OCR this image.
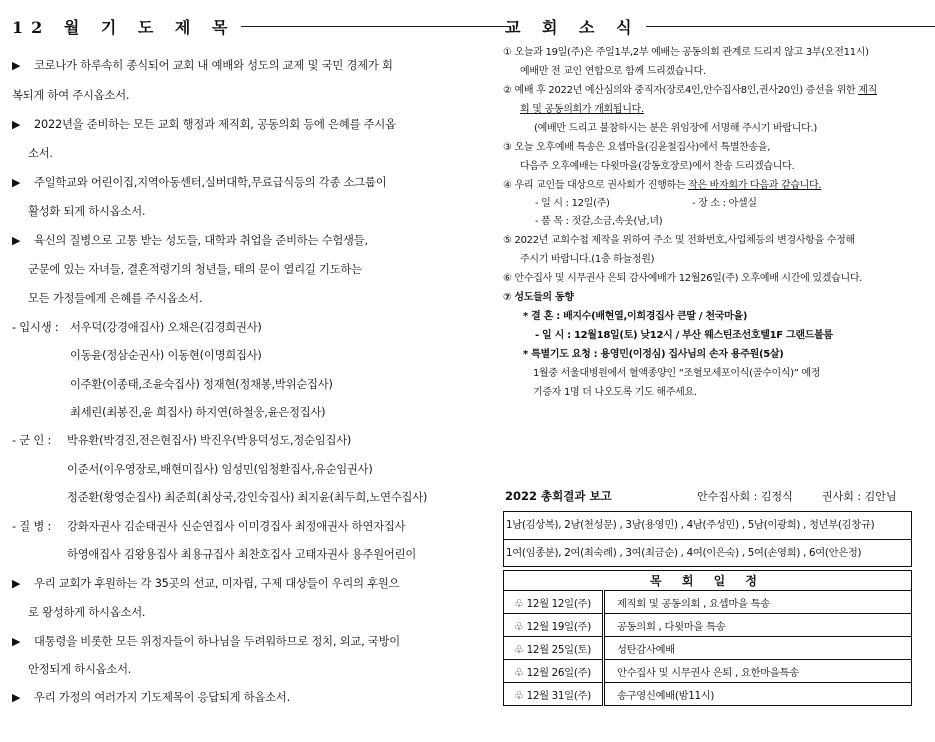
12 월 기 도 제 목
▶ 코로나가 하루속히 종식되어 교회 내 예배와 성도의 교제 및 국민 경제가 회
복되게 하여 주시옵소서.
▶ 2022년을 준비하는 모든 교회 행정과 제직회, 공동의회 등에 은혜를 주시옵
소서.
▶ 주일학교와 어린이집,지역아동센터,실버대학,무료급식등의 각종 소그룹이
활성화 되게 하시옵소서.
▶ 육신의 질병으로 고통 받는 성도들, 대학과 취업을 준비하는 수험생들,
군문에 있는 자녀들, 결혼적령기의 청년들, 태의 문이 열리길 기도하는
모든 가정들에게 은혜를 주시옵소서.
- 입시생 : 서우덕(강경애집사) 오채은(김경희권사)
이동윤(정삼순권사) 이동현(이명희집사)
이주환(이종태,조윤숙집사) 정재현(정채봉,박위순집사)
최세린(최봉진,윤 희집사) 하지연(하철웅,윤은정집사)
- 군 인 : 박유환(박경진,전은현집사) 박진우(박용덕성도,정순임집사)
이준서(이우영장로,배현미집사) 임성민(임청환집사,유순임권사)
정준환(황영순집사) 최준희(최상국,강인숙집사) 최지윤(최두희,노연수집사)
- 질 병 : 강화자권사 김순태권사 신순연집사 이미경집사 최정애권사 하연자집사
하영애집사 김왕용집사 최용규집사 최찬호집사 고태자권사 용주원어린이
▶ 우리 교회가 후원하는 각 35곳의 선교, 미자립, 구제 대상들이 우리의 후원으
로 왕성하게 하시옵소서.
▶ 대통령을 비롯한 모든 위정자들이 하나님을 두려워하므로 정치, 외교, 국방이
안정되게 하시옵소서.
▶ 우리 가정의 여러가지 기도제목이 응답되게 하옵소서.
교 회 소 식
① 오늘과 19일(주)은 주일1부,2부 예배는 공동의회 관계로 드리지 않고 3부(오전11시)
예배만 전 교인 연합으로 함께 드리겠습니다.
② 예배 후 2022년 예산심의와 중직자(장로4인,안수집사8인,권사20인) 증선을 위한 제직
회 및 공동의회가 개회됩니다.
(예배만 드리고 불참하시는 분은 위임장에 서명해 주시기 바랍니다.)
③ 오늘 오후예배 특송은 요셉마을(김윤철집사)에서 특별찬송을,
다음주 오후예배는 다윗마을(강동호장로)에서 찬송 드리겠습니다.
④ 우리 교인들 대상으로 권사회가 진행하는 작은 바자회가 다음과 같습니다.
- 일 시 : 12일(주)	- 장 소 : 아셀실
- 품 목 : 젓갈,소금,속옷(남,녀)
⑤ 2022년 교회수첩 제작을 위하여 주소 및 전화번호,사업체등의 변경사항을 수정해
주시기 바랍니다.(1층 하늘정원)
⑥ 안수집사 및 시무권사 은퇴 감사예배가 12월26일(주) 오후예배 시간에 있겠습니다.
⑦ 성도들의 동향
* 결 혼 : 배지수(배현열,이희경집사 큰딸 / 천국마을)
- 일 시 : 12월18일(토) 낮12시 / 부산 웨스틴조선호텔1F 그랜드볼룸
* 특별기도 요청 : 용영민(이정심) 집사님의 손자 용주원(5살)
1월중 서울대병원에서 혈액종양인 “조혈모세포이식(골수이식)” 예정
기증자 1명 더 나오도록 기도 해주세요.
2022 총회결과 보고	안수집사회 : 김정식	권사회 : 김안님
1남(김상복), 2남(천성문) , 3남(용영민) , 4남(주성민) , 5남(이광희) , 청년부(김창규)
1여(임종분), 2여(최숙례) , 3여(최금순) , 4여(이은숙) , 5여(손영희) , 6여(안은정)
목 회 일 정	
♧ 12월 12일(주)	제직회 및 공동의회 , 요셉마을 특송
♧ 12월 19일(주)	공동의회 , 다윗마을 특송
♧ 12월 25일(토)	성탄감사예배
♧ 12월 26일(주)	안수집사 및 시무권사 은퇴 , 요한마을특송
♧ 12월 31일(주)	송구영신예배(밤11시)
